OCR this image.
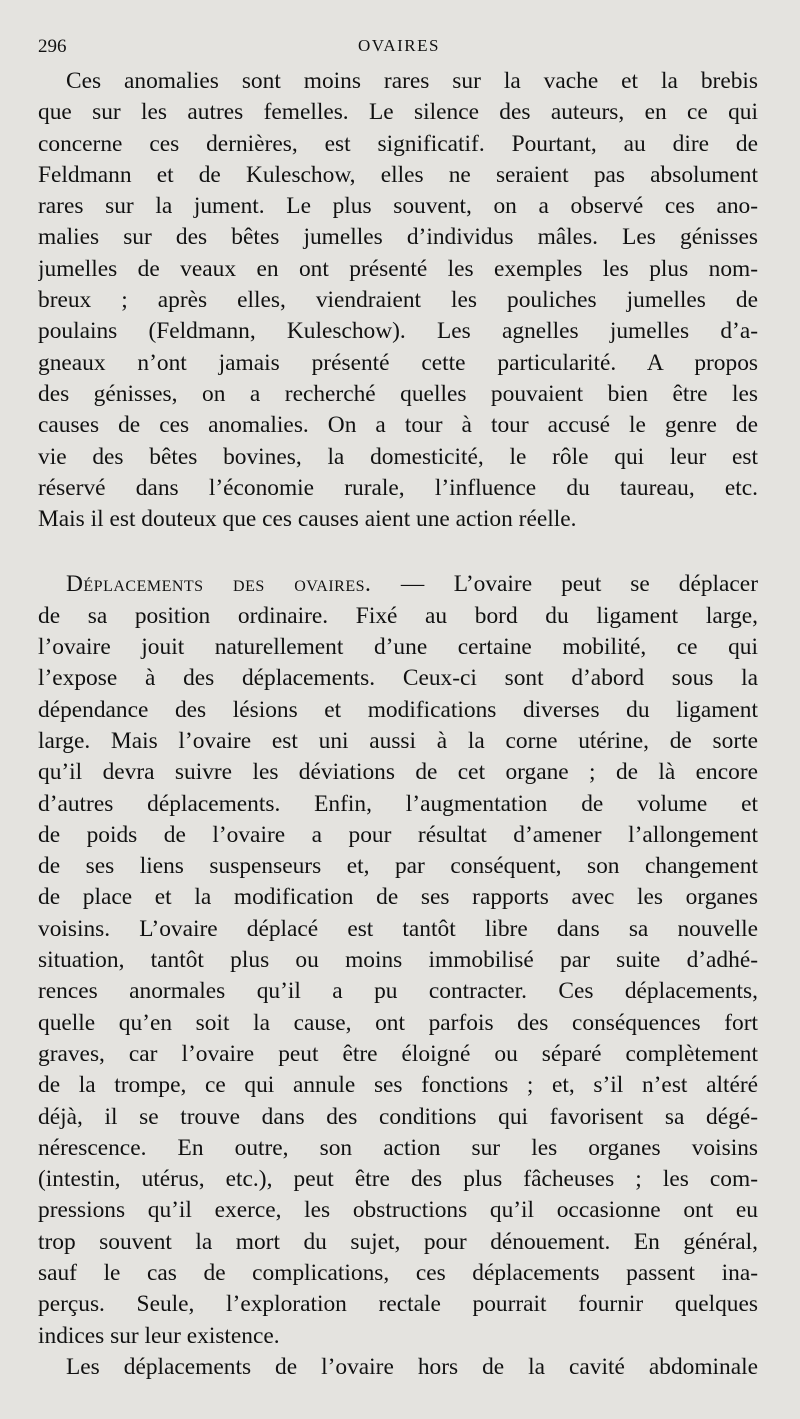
296	OVAIRES
Ces anomalies sont moins rares sur la vache et la brebis
que sur les autres femelles. Le silence des auteurs, en ce qui
concerne ces dernières, est significatif. Pourtant, au dire de
Feldmann et de Kuleschow, elles ne seraient pas absolument
rares sur la jument. Le plus souvent, on a observé ces ano-
malies sur des bêtes jumelles d’individus mâles. Les génisses
jumelles de veaux en ont présenté les exemples les plus nom-
breux ; après elles, viendraient les pouliches jumelles de
poulains (Feldmann, Kuleschow). Les agnelles jumelles d’a-
gneaux n’ont jamais présenté cette particularité. A propos
des génisses, on a recherché quelles pouvaient bien être les
causes de ces anomalies. On a tour à tour accusé le genre de
vie des bêtes bovines, la domesticité, le rôle qui leur est
réservé dans l’économie rurale, l’influence du taureau, etc.
Mais il est douteux que ces causes aient une action réelle.
Déplacements des ovaires. — L’ovaire peut se déplacer
de sa position ordinaire. Fixé au bord du ligament large,
l’ovaire jouit naturellement d’une certaine mobilité, ce qui
l’expose à des déplacements. Ceux-ci sont d’abord sous la
dépendance des lésions et modifications diverses du ligament
large. Mais l’ovaire est uni aussi à la corne utérine, de sorte
qu’il devra suivre les déviations de cet organe ; de là encore
d’autres déplacements. Enfin, l’augmentation de volume et
de poids de l’ovaire a pour résultat d’amener l’allongement
de ses liens suspenseurs et, par conséquent, son changement
de place et la modification de ses rapports avec les organes
voisins. L’ovaire déplacé est tantôt libre dans sa nouvelle
situation, tantôt plus ou moins immobilisé par suite d’adhé-
rences anormales qu’il a pu contracter. Ces déplacements,
quelle qu’en soit la cause, ont parfois des conséquences fort
graves, car l’ovaire peut être éloigné ou séparé complètement
de la trompe, ce qui annule ses fonctions ; et, s’il n’est altéré
déjà, il se trouve dans des conditions qui favorisent sa dégé-
nérescence. En outre, son action sur les organes voisins
(intestin, utérus, etc.), peut être des plus fâcheuses ; les com-
pressions qu’il exerce, les obstructions qu’il occasionne ont eu
trop souvent la mort du sujet, pour dénouement. En général,
sauf le cas de complications, ces déplacements passent ina-
perçus. Seule, l’exploration rectale pourrait fournir quelques
indices sur leur existence.
Les déplacements de l’ovaire hors de la cavité abdominale
